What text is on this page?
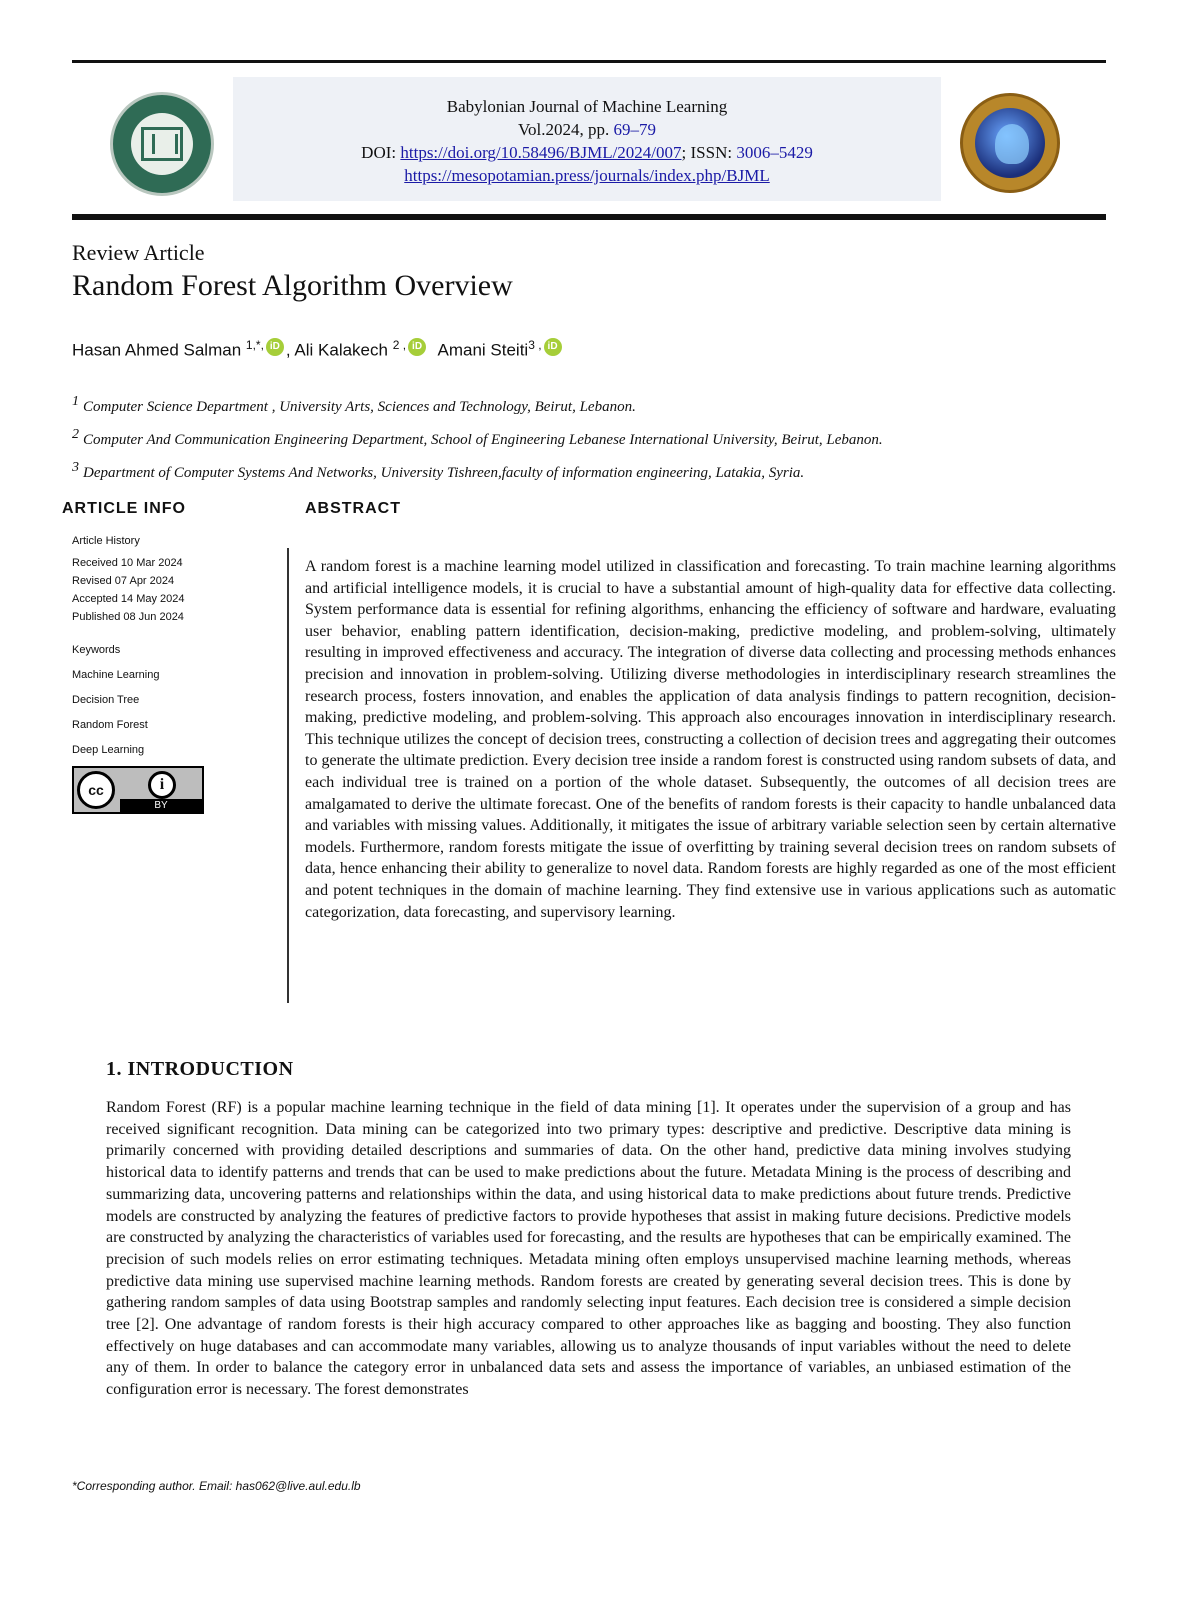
Babylonian Journal of Machine Learning
Vol.2024, pp. 69–79
DOI: https://doi.org/10.58496/BJML/2024/007; ISSN: 3006–5429
https://mesopotamian.press/journals/index.php/BJML
Review Article
Random Forest Algorithm Overview
Hasan Ahmed Salman $^{1,*,}$ iD , Ali Kalakech $^{2 ,}$ iD Amani Steiti$^{3 ,}$ iD
$^1$ Computer Science Department , University Arts, Sciences and Technology, Beirut, Lebanon.
$^2$ Computer And Communication Engineering Department, School of Engineering Lebanese International University, Beirut, Lebanon.
$^3$ Department of Computer Systems And Networks, University Tishreen,faculty of information engineering, Latakia, Syria.
ARTICLE INFO	ABSTRACT
Article History
Received 10 Mar 2024
Revised 07 Apr 2024
Accepted 14 May 2024
Published 08 Jun 2024
Keywords
Machine Learning
Decision Tree
Random Forest
Deep Learning
cc	i
BY
A random forest is a machine learning model utilized in classification and forecasting. To train machine learning algorithms and artificial intelligence models, it is crucial to have a substantial amount of high-quality data for effective data collecting. System performance data is essential for refining algorithms, enhancing the efficiency of software and hardware, evaluating user behavior, enabling pattern identification, decision-making, predictive modeling, and problem-solving, ultimately resulting in improved effectiveness and accuracy. The integration of diverse data collecting and processing methods enhances precision and innovation in problem-solving. Utilizing diverse methodologies in interdisciplinary research streamlines the research process, fosters innovation, and enables the application of data analysis findings to pattern recognition, decision-making, predictive modeling, and problem-solving. This approach also encourages innovation in interdisciplinary research. This technique utilizes the concept of decision trees, constructing a collection of decision trees and aggregating their outcomes to generate the ultimate prediction. Every decision tree inside a random forest is constructed using random subsets of data, and each individual tree is trained on a portion of the whole dataset. Subsequently, the outcomes of all decision trees are amalgamated to derive the ultimate forecast. One of the benefits of random forests is their capacity to handle unbalanced data and variables with missing values. Additionally, it mitigates the issue of arbitrary variable selection seen by certain alternative models. Furthermore, random forests mitigate the issue of overfitting by training several decision trees on random subsets of data, hence enhancing their ability to generalize to novel data. Random forests are highly regarded as one of the most efficient and potent techniques in the domain of machine learning. They find extensive use in various applications such as automatic categorization, data forecasting, and supervisory learning.
1. INTRODUCTION
Random Forest (RF) is a popular machine learning technique in the field of data mining [1]. It operates under the supervision of a group and has received significant recognition. Data mining can be categorized into two primary types: descriptive and predictive. Descriptive data mining is primarily concerned with providing detailed descriptions and summaries of data. On the other hand, predictive data mining involves studying historical data to identify patterns and trends that can be used to make predictions about the future. Metadata Mining is the process of describing and summarizing data, uncovering patterns and relationships within the data, and using historical data to make predictions about future trends. Predictive models are constructed by analyzing the features of predictive factors to provide hypotheses that assist in making future decisions. Predictive models are constructed by analyzing the characteristics of variables used for forecasting, and the results are hypotheses that can be empirically examined. The precision of such models relies on error estimating techniques. Metadata mining often employs unsupervised machine learning methods, whereas predictive data mining use supervised machine learning methods. Random forests are created by generating several decision trees. This is done by gathering random samples of data using Bootstrap samples and randomly selecting input features. Each decision tree is considered a simple decision tree [2]. One advantage of random forests is their high accuracy compared to other approaches like as bagging and boosting. They also function effectively on huge databases and can accommodate many variables, allowing us to analyze thousands of input variables without the need to delete any of them. In order to balance the category error in unbalanced data sets and assess the importance of variables, an unbiased estimation of the configuration error is necessary. The forest demonstrates
*Corresponding author. Email: has062@live.aul.edu.lb
